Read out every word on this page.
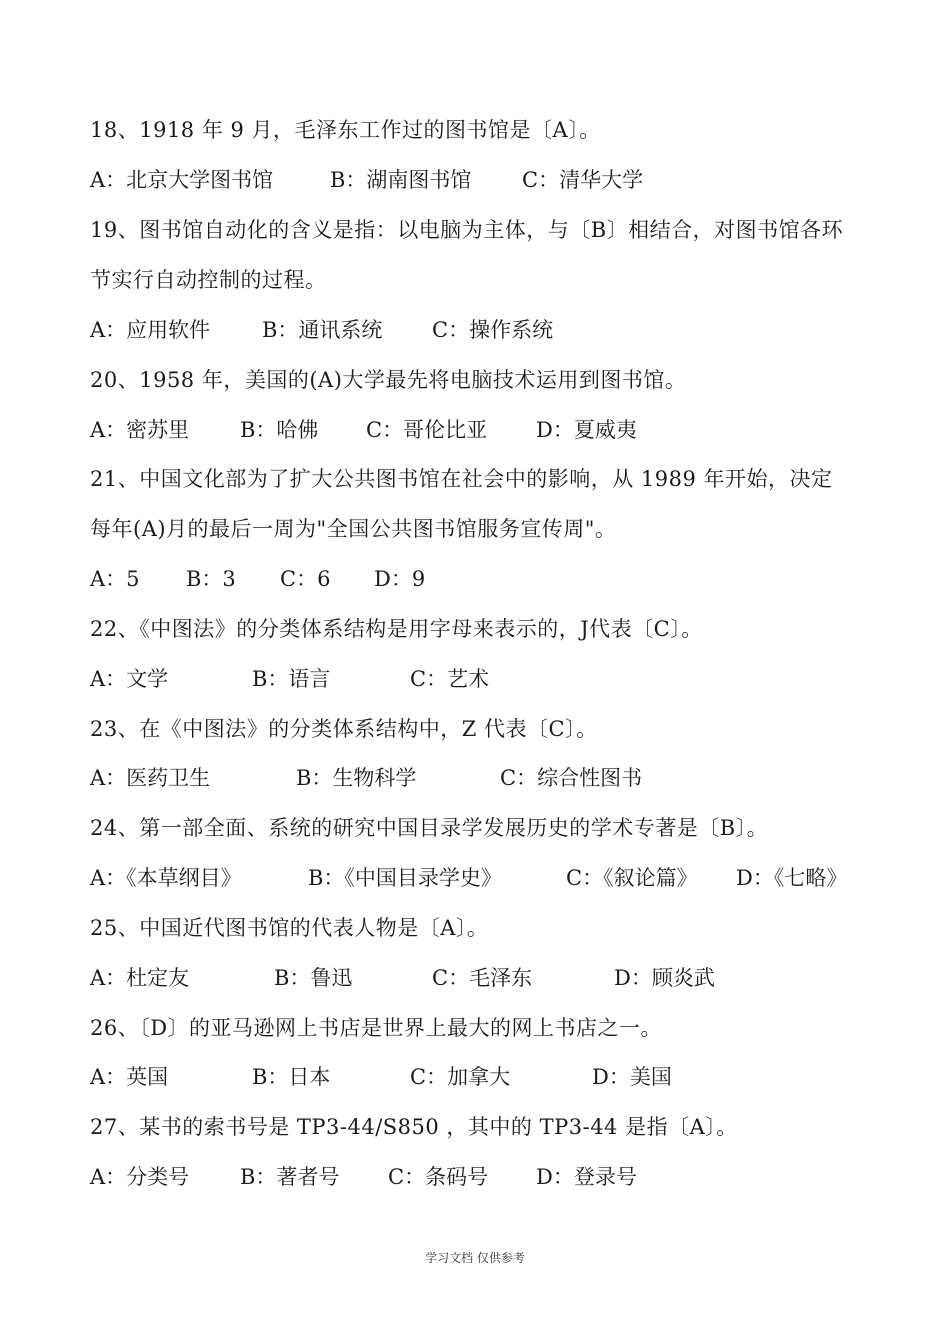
18、1918 年 9 月，毛泽东工作过的图书馆是〔A〕。

A：北京大学图书馆

	B：湖南图书馆

C：清华大学

19、图书馆自动化的含义是指：以电脑为主体，与〔B〕相结合，对图书馆各环
节实行自动控制的过程。

A：应用软件

B：通讯系统

C：操作系统

20、1958 年，美国的(A)大学最先将电脑技术运用到图书馆。

A：密苏里

B：哈佛

C：哥伦比亚

D：夏威夷

21、中国文化部为了扩大公共图书馆在社会中的影响，从 1989 年开始，决定
每年(A)月的最后一周为"全国公共图书馆服务宣传周"。

A：5

B：3

C：6

D：9

22、《中图法》的分类体系结构是用字母来表示的，J代表〔C〕。

A：文学

	B：语言

	C：艺术

23、在《中图法》的分类体系结构中，Z 代表〔C〕。

A：医药卫生

	B：生物科学

	C：综合性图书

24、第一部全面、系统的研究中国目录学发展历史的学术专著是〔B〕。

A：《本草纲目》

	B：《中国目录学史》

	C：《叙论篇》

D：《七略》

25、中国近代图书馆的代表人物是〔A〕。

A：杜定友

	B：鲁迅

	C：毛泽东

	D：顾炎武

26、〔D〕的亚马逊网上书店是世界上最大的网上书店之一。

A：英国

	B：日本

	C：加拿大

	D：美国

27、某书的索书号是 TP3-44/S850 ，其中的 TP3-44 是指〔A〕。

A：分类号

B：著者号

C：条码号

D：登录号

学习文档 仅供参考
